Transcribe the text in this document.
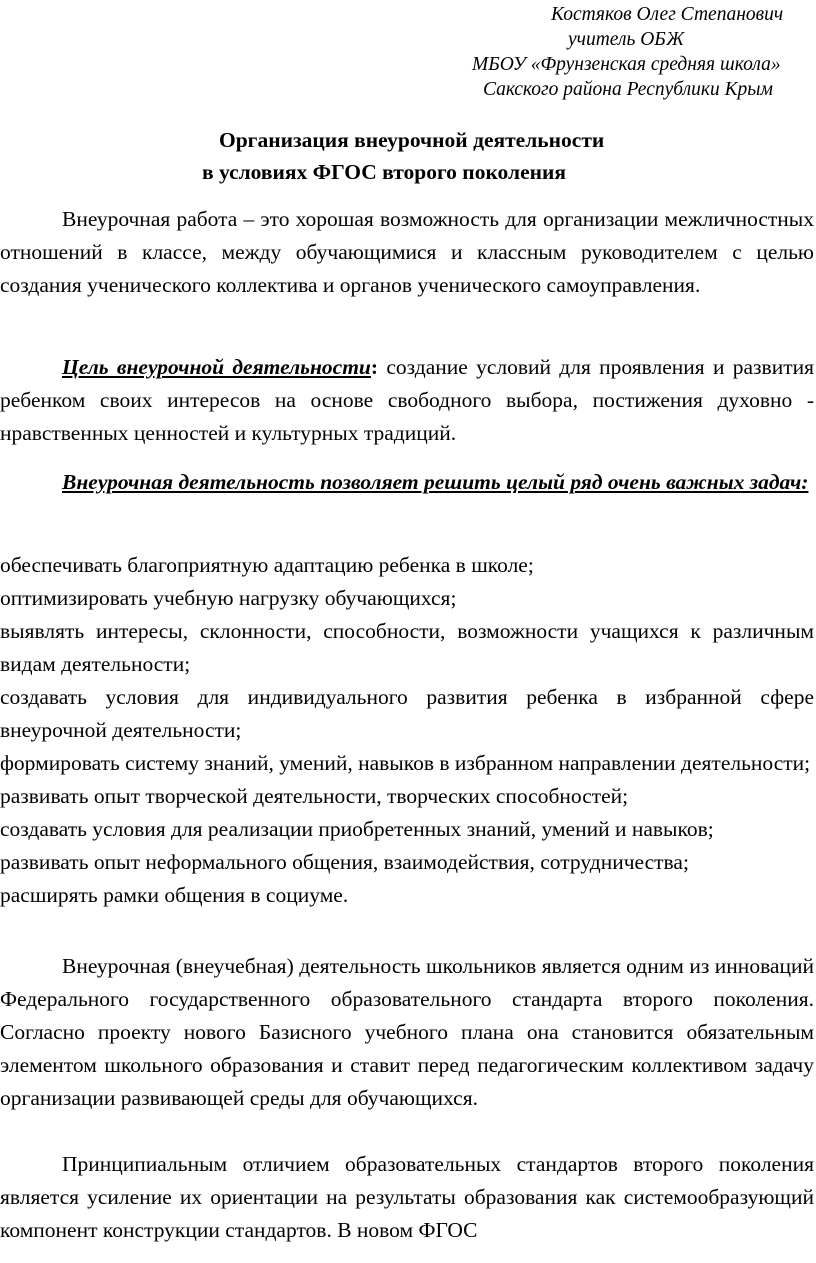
Костяков Олег Степанович
учитель ОБЖ
МБОУ «Фрунзенская средняя школа»
Сакского района Республики Крым
Организация внеурочной деятельности
в условиях ФГОС второго поколения

Внеурочная работа – это хорошая возможность для организации межличностных отношений в классе, между обучающимися и классным руководителем с целью создания ученического коллектива и органов ученического самоуправления.

Цель внеурочной деятельности: создание условий для проявления и развития ребенком своих интересов на основе свободного выбора, постижения духовно - нравственных ценностей и культурных традиций.

Внеурочная деятельность позволяет решить целый ряд очень важных задач:

обеспечивать благоприятную адаптацию ребенка в школе;
оптимизировать учебную нагрузку обучающихся;
выявлять интересы, склонности, способности, возможности учащихся к различным видам деятельности;
создавать условия для индивидуального развития ребенка в избранной сфере внеурочной деятельности;
формировать систему знаний, умений, навыков в избранном направлении деятельности;
развивать опыт творческой деятельности, творческих способностей;
создавать условия для реализации приобретенных знаний, умений и навыков;
развивать опыт неформального общения, взаимодействия, сотрудничества;
расширять рамки общения в социуме.

Внеурочная (внеучебная) деятельность школьников является одним из инноваций Федерального государственного образовательного стандарта второго поколения. Согласно проекту нового Базисного учебного плана она становится обязательным элементом школьного образования и ставит перед педагогическим коллективом задачу организации развивающей среды для обучающихся.

Принципиальным отличием образовательных стандартов второго поколения является усиление их ориентации на результаты образования как системообразующий компонент конструкции стандартов. В новом ФГОС
